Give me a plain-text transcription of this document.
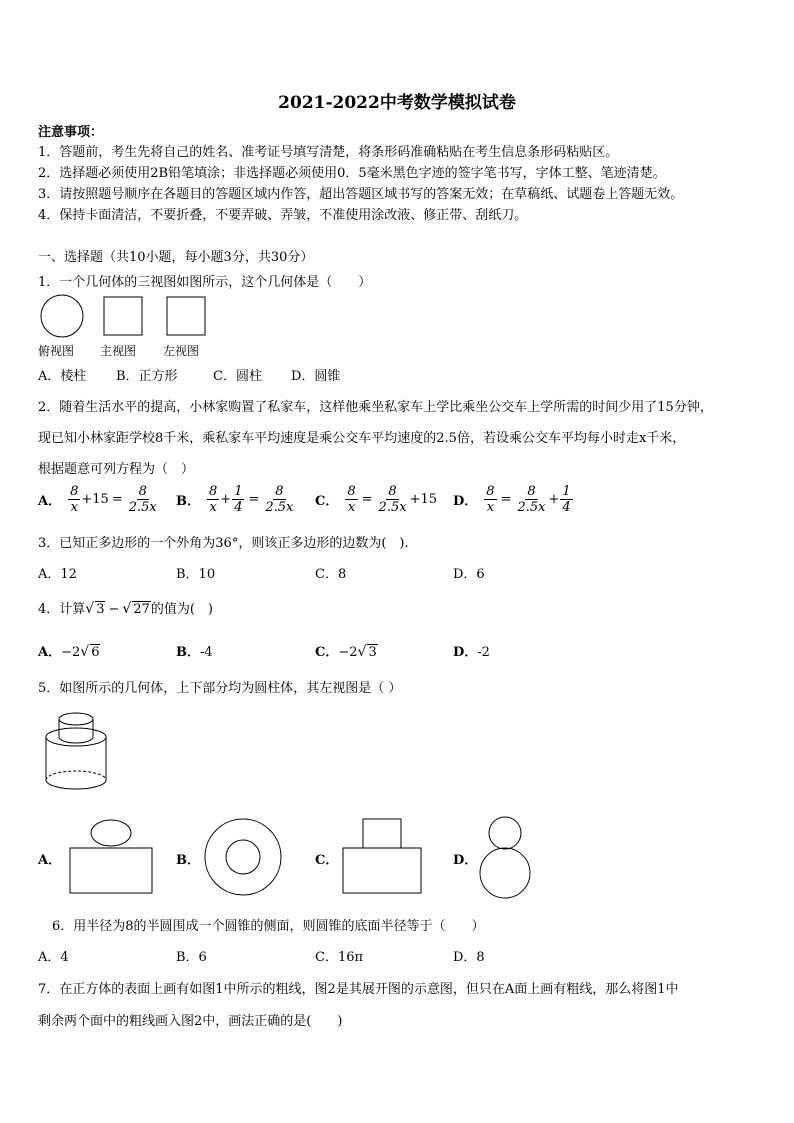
2021-2022中考数学模拟试卷
注意事项：
1．答题前，考生先将自己的姓名、准考证号填写清楚，将条形码准确粘贴在考生信息条形码粘贴区。
2．选择题必须使用2B铅笔填涂；非选择题必须使用0．5毫米黑色字迹的签字笔书写，字体工整、笔迹清楚。
3．请按照题号顺序在各题目的答题区域内作答，超出答题区域书写的答案无效；在草稿纸、试题卷上答题无效。
4．保持卡面清洁，不要折叠，不要弄破、弄皱，不准使用涂改液、修正带、刮纸刀。
一、选择题（共10小题，每小题3分，共30分）
1．一个几何体的三视图如图所示，这个几何体是（　　）
俯视图 主视图 左视图
A．棱柱 B．正方形	C．圆柱 D．圆锥
2．随着生活水平的提高，小林家购置了私家车，这样他乘坐私家车上学比乘坐公交车上学所需的时间少用了15分钟，
现已知小林家距学校8千米，乘私家车平均速度是乘公交车平均速度的2.5倍，若设乘公交车平均每小时走x千米，
根据题意可列方程为（　）
A． $\frac{8}{x} +15 = \frac{8}{2.5x}$ B． $\frac{8}{x} + \frac{1}{4} = \frac{8}{2.5x}$ C． $\frac{8}{x} = \frac{8}{2.5x} +15$ D． $\frac{8}{x} = \frac{8}{2.5x} + \frac{1}{4}$
3．已知正多边形的一个外角为36°，则该正多边形的边数为(　).
A．12	B．10	C．8	D．6
4．计算√ 3 − √ 27的值为(　)
A．−2√ 6	B．-4	C．−2√ 3	D．-2
5．如图所示的几何体，上下部分均为圆柱体，其左视图是（ ）
A．	B．	C．	D．
6．用半径为8的半圆围成一个圆锥的侧面，则圆锥的底面半径等于（　　）
A．4	B．6	C．16π	D．8
7．在正方体的表面上画有如图1中所示的粗线，图2是其展开图的示意图，但只在A面上画有粗线，那么将图1中
剩余两个面中的粗线画入图2中，画法正确的是(　　)
